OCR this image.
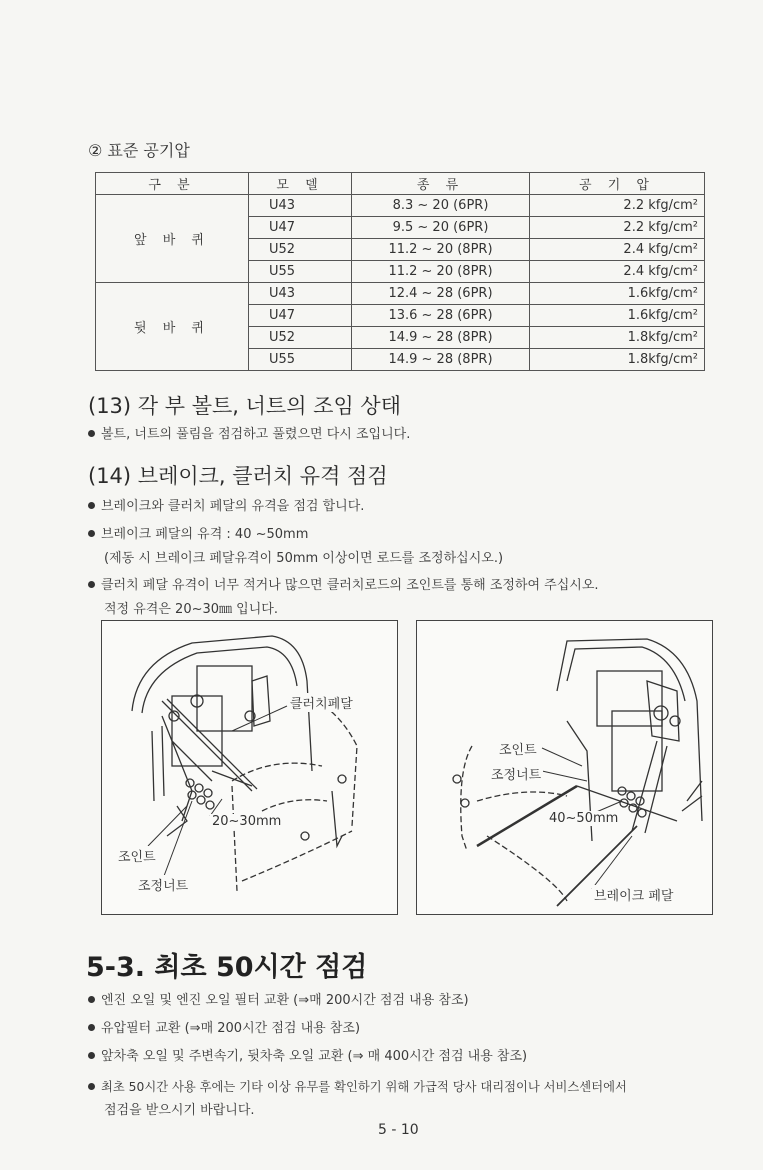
② 표준 공기압
구 분	모 델	종 류	공 기 압
앞 바 퀴	U43	8.3 ~ 20 (6PR)	2.2 kfg/cm²
	U47	9.5 ~ 20 (6PR)	2.2 kfg/cm²
	U52	11.2 ~ 20 (8PR)	2.4 kfg/cm²
	U55	11.2 ~ 20 (8PR)	2.4 kfg/cm²
뒷 바 퀴	U43	12.4 ~ 28 (6PR)	1.6kfg/cm²
	U47	13.6 ~ 28 (6PR)	1.6kfg/cm²
	U52	14.9 ~ 28 (8PR)	1.8kfg/cm²
	U55	14.9 ~ 28 (8PR)	1.8kfg/cm²
(13) 각 부 볼트, 너트의 조임 상태
볼트, 너트의 풀림을 점검하고 풀렸으면 다시 조입니다.
(14) 브레이크, 클러치 유격 점검
브레이크와 클러치 페달의 유격을 점검 합니다.
브레이크 페달의 유격 : 40 ~50mm
(제동 시 브레이크 페달유격이 50mm 이상이면 로드를 조정하십시오.)
클러치 페달 유격이 너무 적거나 많으면 클러치로드의 조인트를 통해 조정하여 주십시오.
적정 유격은 20~30㎜ 입니다.
클러치페달
20~30mm
조인트
조정너트
조인트
조정너트
40~50mm
브레이크 페달
5-3. 최초 50시간 점검
엔진 오일 및 엔진 오일 필터 교환 (⇒매 200시간 점검 내용 참조)
유압필터 교환 (⇒매 200시간 점검 내용 참조)
앞차축 오일 및 주변속기, 뒷차축 오일 교환 (⇒ 매 400시간 점검 내용 참조)
최초 50시간 사용 후에는 기타 이상 유무를 확인하기 위해 가급적 당사 대리점이나 서비스센터에서
점검을 받으시기 바랍니다.
5 - 10
